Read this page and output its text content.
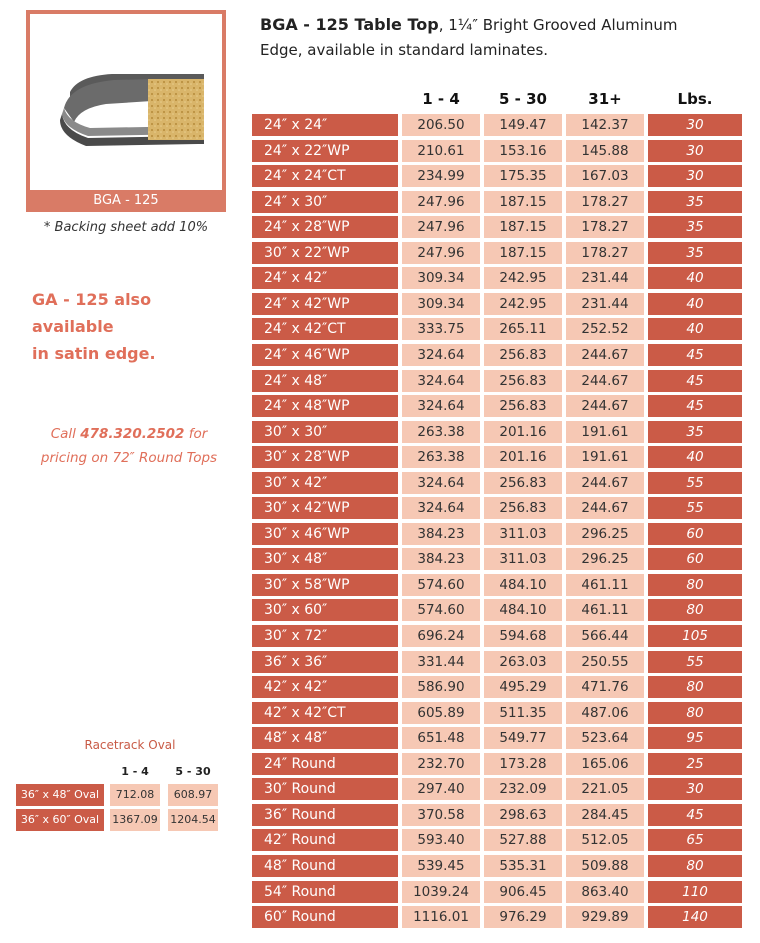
BGA - 125
* Backing sheet add 10%
GA - 125 also available
in satin edge.
Call 478.320.2502 for
pricing on 72″ Round Tops
Racetrack Oval
1 - 4	5 - 30
36″ x 48″ Oval	712.08	608.97
36″ x 60″ Oval	1367.09 1204.54
BGA - 125 Table Top, 1¼″ Bright Grooved Aluminum
Edge, available in standard laminates.
1 - 4	5 - 30	31+	Lbs.
24″ x 24″	206.50	149.47	142.37	30
24″ x 22″WP	210.61	153.16	145.88	30
24″ x 24″CT	234.99	175.35	167.03	30
24″ x 30″	247.96	187.15	178.27	35
24″ x 28″WP	247.96	187.15	178.27	35
30″ x 22″WP	247.96	187.15	178.27	35
24″ x 42″	309.34	242.95	231.44	40
24″ x 42″WP	309.34	242.95	231.44	40
24″ x 42″CT	333.75	265.11	252.52	40
24″ x 46″WP	324.64	256.83	244.67	45
24″ x 48″	324.64	256.83	244.67	45
24″ x 48″WP	324.64	256.83	244.67	45
30″ x 30″	263.38	201.16	191.61	35
30″ x 28″WP	263.38	201.16	191.61	40
30″ x 42″	324.64	256.83	244.67	55
30″ x 42″WP	324.64	256.83	244.67	55
30″ x 46″WP	384.23	311.03	296.25	60
30″ x 48″	384.23	311.03	296.25	60
30″ x 58″WP	574.60	484.10	461.11	80
30″ x 60″	574.60	484.10	461.11	80
30″ x 72″	696.24	594.68	566.44	105
36″ x 36″	331.44	263.03	250.55	55
42″ x 42″	586.90	495.29	471.76	80
42″ x 42″CT	605.89	511.35	487.06	80
48″ x 48″	651.48	549.77	523.64	95
24″ Round	232.70	173.28	165.06	25
30″ Round	297.40	232.09	221.05	30
36″ Round	370.58	298.63	284.45	45
42″ Round	593.40	527.88	512.05	65
48″ Round	539.45	535.31	509.88	80
54″ Round	1039.24	906.45	863.40	110
60″ Round	1116.01	976.29	929.89	140
